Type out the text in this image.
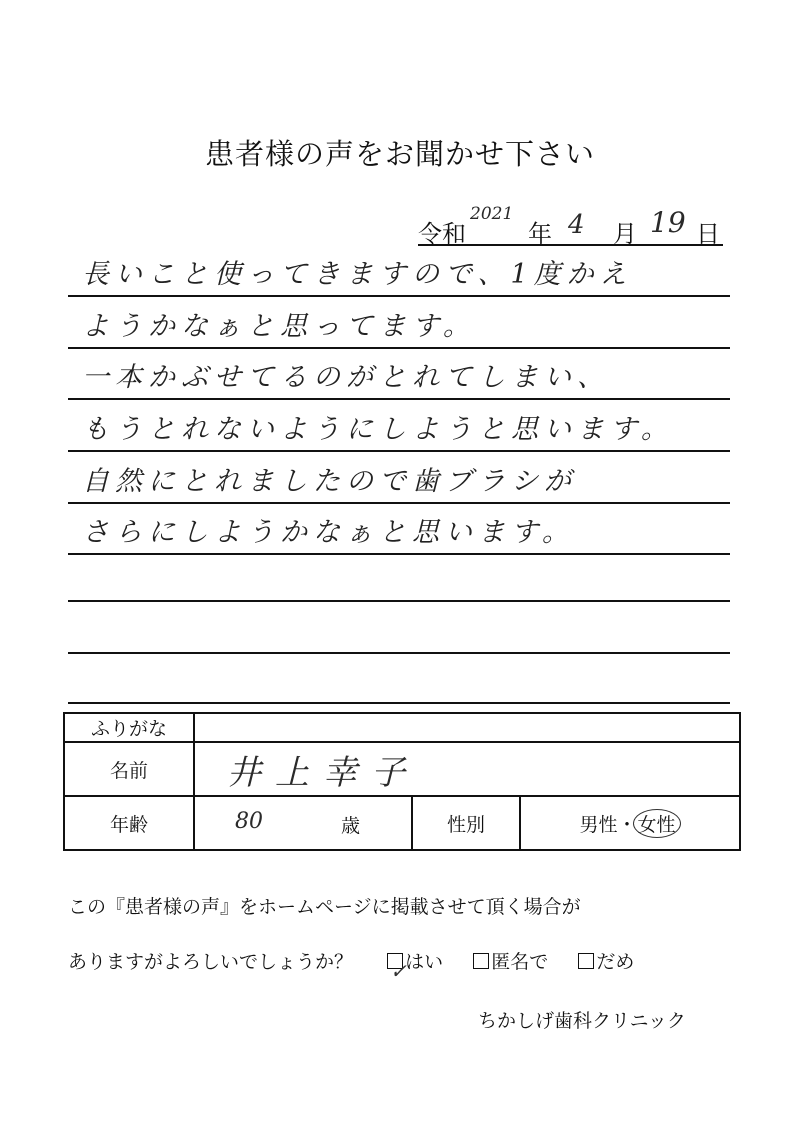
患者様の声をお聞かせ下さい
令和
2021
年 4 月 19 日
長いこと使ってきますので、1度かえ
ようかなぁと思ってます。
一本かぶせてるのがとれてしまい、
もうとれないようにしようと思います。
自然にとれましたので歯ブラシが
さらにしようかなぁと思います。
ふりがな			
名前	井上幸子		
年齢	80 歳	性別	男性・女性
この『患者様の声』をホームページに掲載させて頂く場合が
ありますがよろしいでしょうか？ ✓
はい	匿名で	だめ
ちかしげ歯科クリニック
